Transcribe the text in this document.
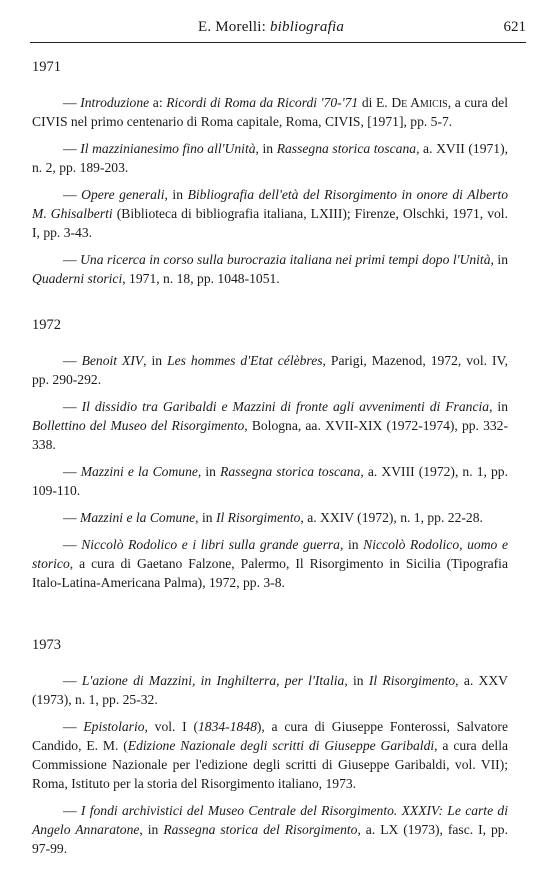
E. Morelli: bibliografia	621
1971

— Introduzione a: Ricordi di Roma da Ricordi '70-'71 di E. De Amicis, a cura del CIVIS nel primo centenario di Roma capitale, Roma, CIVIS, [1971], pp. 5-7.

— Il mazzinianesimo fino all'Unità, in Rassegna storica toscana, a. XVII (1971), n. 2, pp. 189-203.

— Opere generali, in Bibliografia dell'età del Risorgimento in onore di Alberto M. Ghisalberti (Biblioteca di bibliografia italiana, LXIII); Firenze, Olschki, 1971, vol. I, pp. 3-43.

— Una ricerca in corso sulla burocrazia italiana nei primi tempi dopo l'Unità, in Quaderni storici, 1971, n. 18, pp. 1048-1051.

1972

— Benoit XIV, in Les hommes d'Etat célèbres, Parigi, Mazenod, 1972, vol. IV, pp. 290-292.

— Il dissidio tra Garibaldi e Mazzini di fronte agli avvenimenti di Francia, in Bollettino del Museo del Risorgimento, Bologna, aa. XVII-XIX (1972-1974), pp. 332-338.

— Mazzini e la Comune, in Rassegna storica toscana, a. XVIII (1972), n. 1, pp. 109-110.

— Mazzini e la Comune, in Il Risorgimento, a. XXIV (1972), n. 1, pp. 22-28.

— Niccolò Rodolico e i libri sulla grande guerra, in Niccolò Rodolico, uomo e storico, a cura di Gaetano Falzone, Palermo, Il Risorgimento in Sicilia (Tipografia Italo-Latina-Americana Palma), 1972, pp. 3-8.

1973

— L'azione di Mazzini, in Inghilterra, per l'Italia, in Il Risorgimento, a. XXV (1973), n. 1, pp. 25-32.

— Epistolario, vol. I (1834-1848), a cura di Giuseppe Fonterossi, Salvatore Candido, E. M. (Edizione Nazionale degli scritti di Giuseppe Garibaldi, a cura della Commissione Nazionale per l'edizione degli scritti di Giuseppe Garibaldi, vol. VII); Roma, Istituto per la storia del Risorgimento italiano, 1973.

— I fondi archivistici del Museo Centrale del Risorgimento. XXXIV: Le carte di Angelo Annaratone, in Rassegna storica del Risorgimento, a. LX (1973), fasc. I, pp. 97-99.
